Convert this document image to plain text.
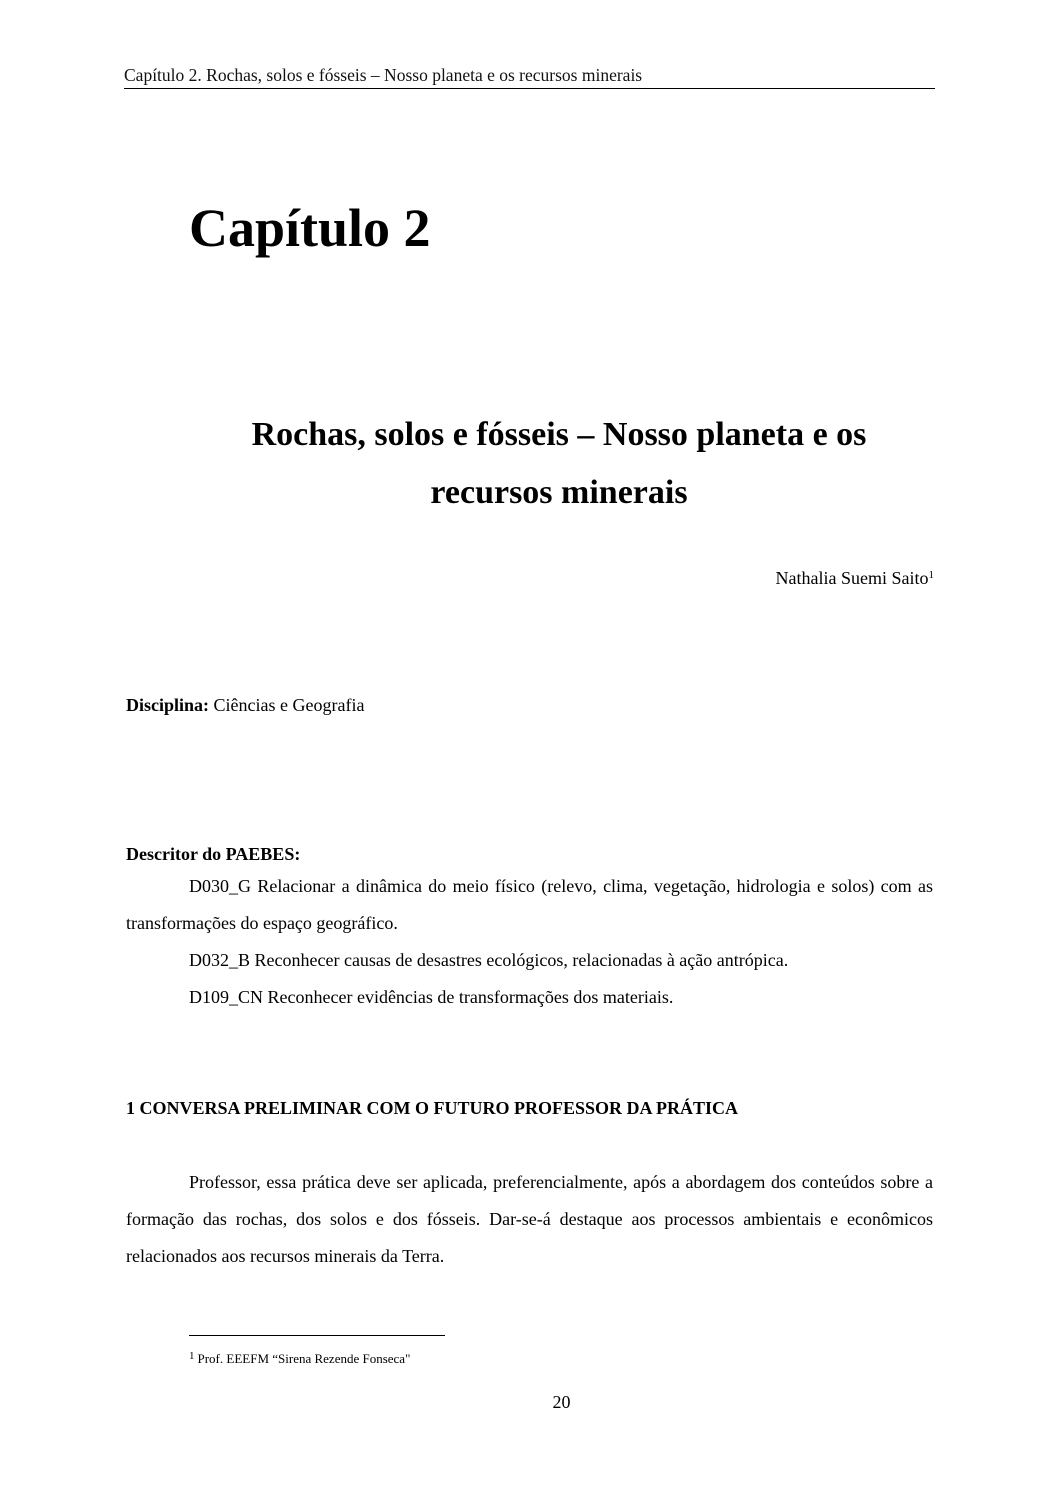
Capítulo 2. Rochas, solos e fósseis – Nosso planeta e os recursos minerais
Capítulo 2
Rochas, solos e fósseis – Nosso planeta e os recursos minerais
Nathalia Suemi Saito$^1$
Disciplina: Ciências e Geografia
Descritor do PAEBES:

D030_G Relacionar a dinâmica do meio físico (relevo, clima, vegetação, hidrologia e solos) com as transformações do espaço geográfico.

D032_B Reconhecer causas de desastres ecológicos, relacionadas à ação antrópica.

D109_CN Reconhecer evidências de transformações dos materiais.

1 CONVERSA PRELIMINAR COM O FUTURO PROFESSOR DA PRÁTICA

Professor, essa prática deve ser aplicada, preferencialmente, após a abordagem dos conteúdos sobre a formação das rochas, dos solos e dos fósseis. Dar-se-á destaque aos processos ambientais e econômicos relacionados aos recursos minerais da Terra.

$^1$ Prof. EEEFM “Sirena Rezende Fonseca"
20
